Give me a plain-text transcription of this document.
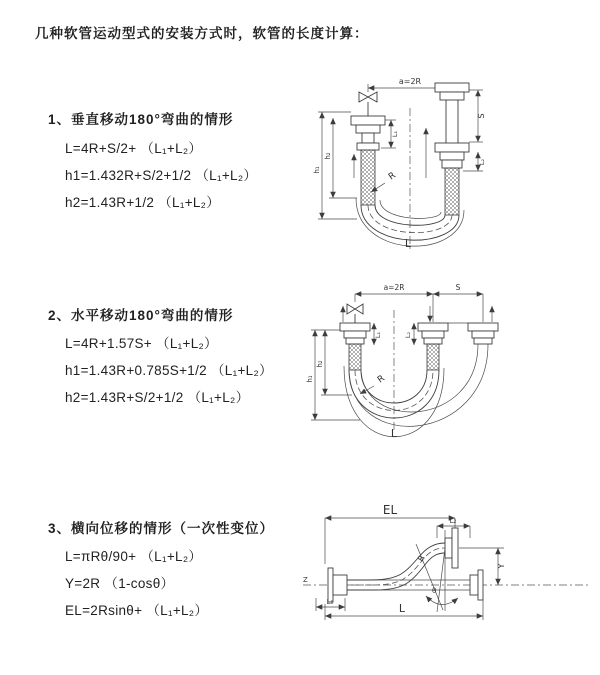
几种软管运动型式的安装方式时，软管的长度计算：
1、垂直移动180°弯曲的情形
L=4R+S/2+ （L₁+L₂）
h1=1.432R+S/2+1/2 （L₁+L₂）
h2=1.43R+1/2 （L₁+L₂）
2、水平移动180°弯曲的情形
L=4R+1.57S+ （L₁+L₂）
h1=1.43R+0.785S+1/2 （L₁+L₂）
h2=1.43R+S/2+1/2 （L₁+L₂）
3、横向位移的情形（一次性变位）
L=πRθ/90+ （L₁+L₂）
Y=2R （1-cosθ）
EL=2Rsinθ+ （L₁+L₂）
a=2R
h₁
h₂
L₁
S
L₂
R
L
a=2R	S
h₁
h₂
L₁	L₂
R
L
EL
L₂
Z
Y
θ
R
L₁	L
